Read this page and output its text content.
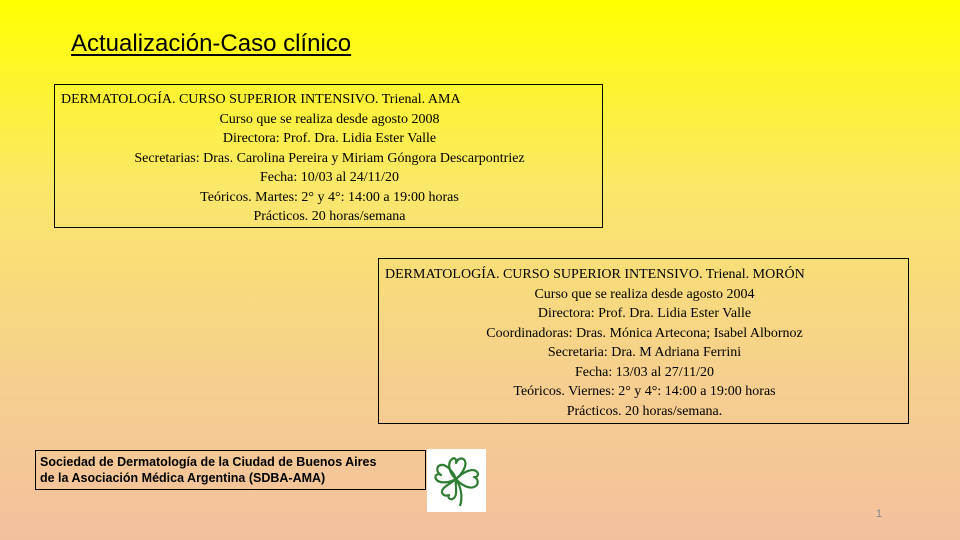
Actualización-Caso clínico
DERMATOLOGÍA. CURSO SUPERIOR INTENSIVO. Trienal. AMA
Curso que se realiza desde agosto 2008
Directora: Prof. Dra. Lidia Ester Valle
Secretarias: Dras. Carolina Pereira y Miriam Góngora Descarpontriez
Fecha: 10/03 al 24/11/20
Teóricos. Martes: 2° y 4°: 14:00 a 19:00 horas
Prácticos. 20 horas/semana
DERMATOLOGÍA. CURSO SUPERIOR INTENSIVO. Trienal. MORÓN
Curso que se realiza desde agosto 2004
Directora: Prof. Dra. Lidia Ester Valle
Coordinadoras: Dras. Mónica Artecona; Isabel Albornoz
Secretaria: Dra. M Adriana Ferrini
Fecha: 13/03 al 27/11/20
Teóricos. Viernes: 2° y 4°: 14:00 a 19:00 horas
Prácticos. 20 horas/semana.
Sociedad de Dermatología de la Ciudad de Buenos Aires
de la Asociación Médica Argentina (SDBA-AMA)
1
